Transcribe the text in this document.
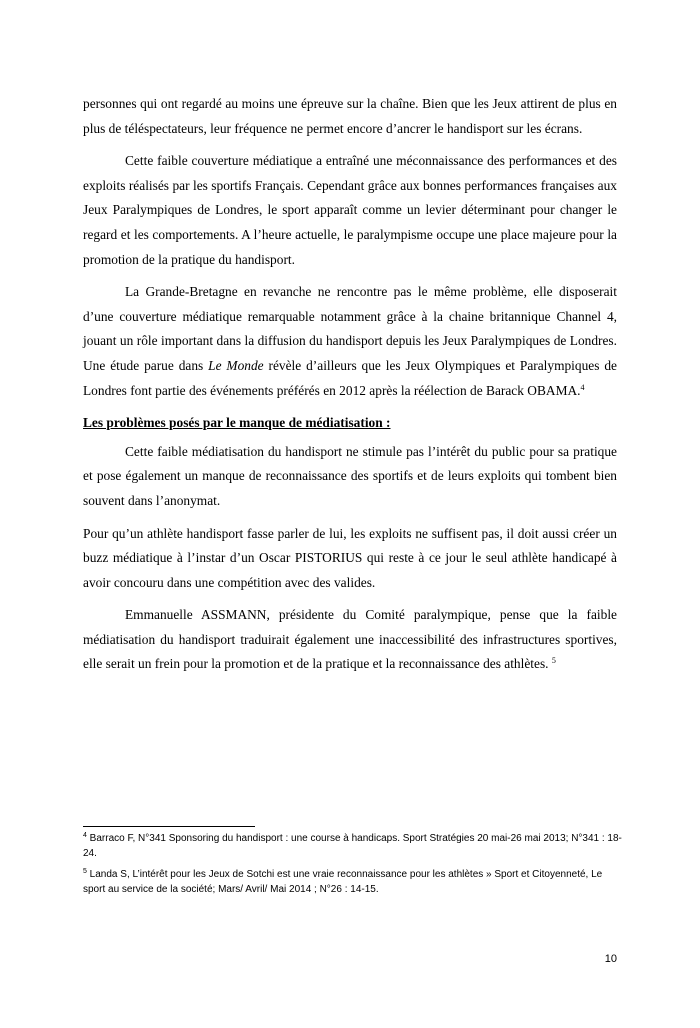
personnes qui ont regardé au moins une épreuve sur la chaîne. Bien que les Jeux attirent de plus en plus de téléspectateurs, leur fréquence ne permet encore d’ancrer le handisport sur les écrans.

Cette faible couverture médiatique a entraîné une méconnaissance des performances et des exploits réalisés par les sportifs Français. Cependant grâce aux bonnes performances françaises aux Jeux Paralympiques de Londres, le sport apparaît comme un levier déterminant pour changer le regard et les comportements. A l’heure actuelle, le paralympisme occupe une place majeure pour la promotion de la pratique du handisport.

La Grande-Bretagne en revanche ne rencontre pas le même problème, elle disposerait d’une couverture médiatique remarquable notamment grâce à la chaine britannique Channel 4, jouant un rôle important dans la diffusion du handisport depuis les Jeux Paralympiques de Londres. Une étude parue dans Le Monde révèle d’ailleurs que les Jeux Olympiques et Paralympiques de Londres font partie des événements préférés en 2012 après la réélection de Barack OBAMA.$^4$

Les problèmes posés par le manque de médiatisation :

Cette faible médiatisation du handisport ne stimule pas l’intérêt du public pour sa pratique et pose également un manque de reconnaissance des sportifs et de leurs exploits qui tombent bien souvent dans l’anonymat.

Pour qu’un athlète handisport fasse parler de lui, les exploits ne suffisent pas, il doit aussi créer un buzz médiatique à l’instar d’un Oscar PISTORIUS qui reste à ce jour le seul athlète handicapé à avoir concouru dans une compétition avec des valides.

Emmanuelle ASSMANN, présidente du Comité paralympique, pense que la faible médiatisation du handisport traduirait également une inaccessibilité des infrastructures sportives, elle serait un frein pour la promotion et de la pratique et la reconnaissance des athlètes. $^5$

$^4$ Barraco F, N°341 Sponsoring du handisport : une course à handicaps. Sport Stratégies 20 mai-26 mai 2013; N°341 : 18-24.
$^5$ Landa S, L’intérêt pour les Jeux de Sotchi est une vraie reconnaissance pour les athlètes » Sport et Citoyenneté, Le sport au service de la société; Mars/ Avril/ Mai 2014 ; N°26 : 14-15.
10
